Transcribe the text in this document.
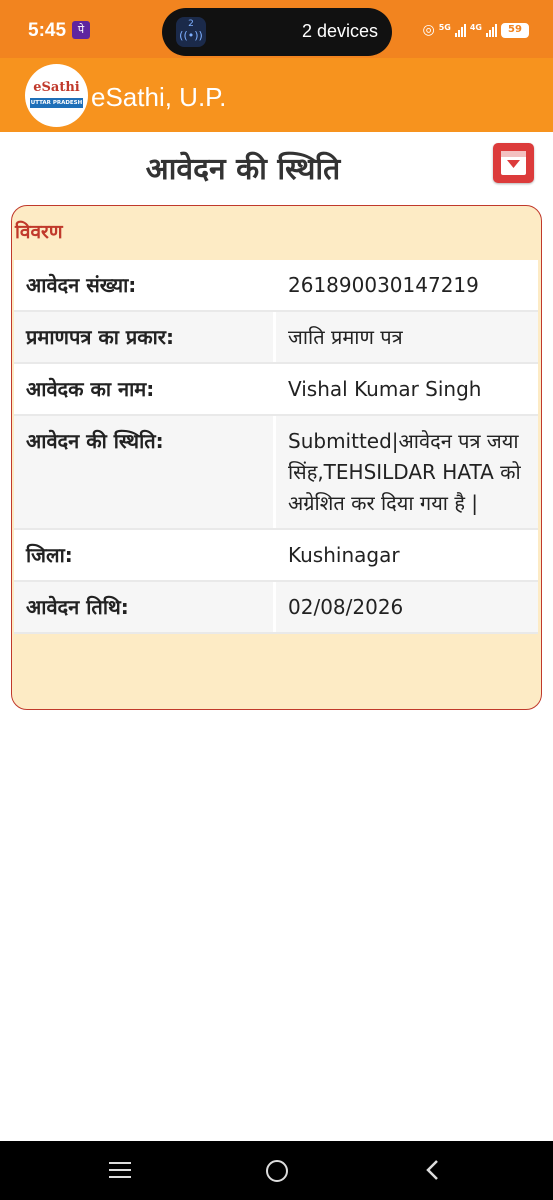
5:45	पे	2
((•))	2 devices	◎ 5G 4G	59
eSathi
UTTAR PRADESH eSathi, U.P.
आवेदन की स्थिति
विवरण
आवेदन संख्या:	261890030147219
प्रमाणपत्र का प्रकार:	जाति प्रमाण पत्र
आवेदक का नाम:	Vishal Kumar Singh
आवेदन की स्थिति:	Submitted|आवेदन पत्र जया सिंह,TEHSILDAR HATA को अग्रेशित कर दिया गया है |
जिला:	Kushinagar
आवेदन तिथि:	02/08/2026
